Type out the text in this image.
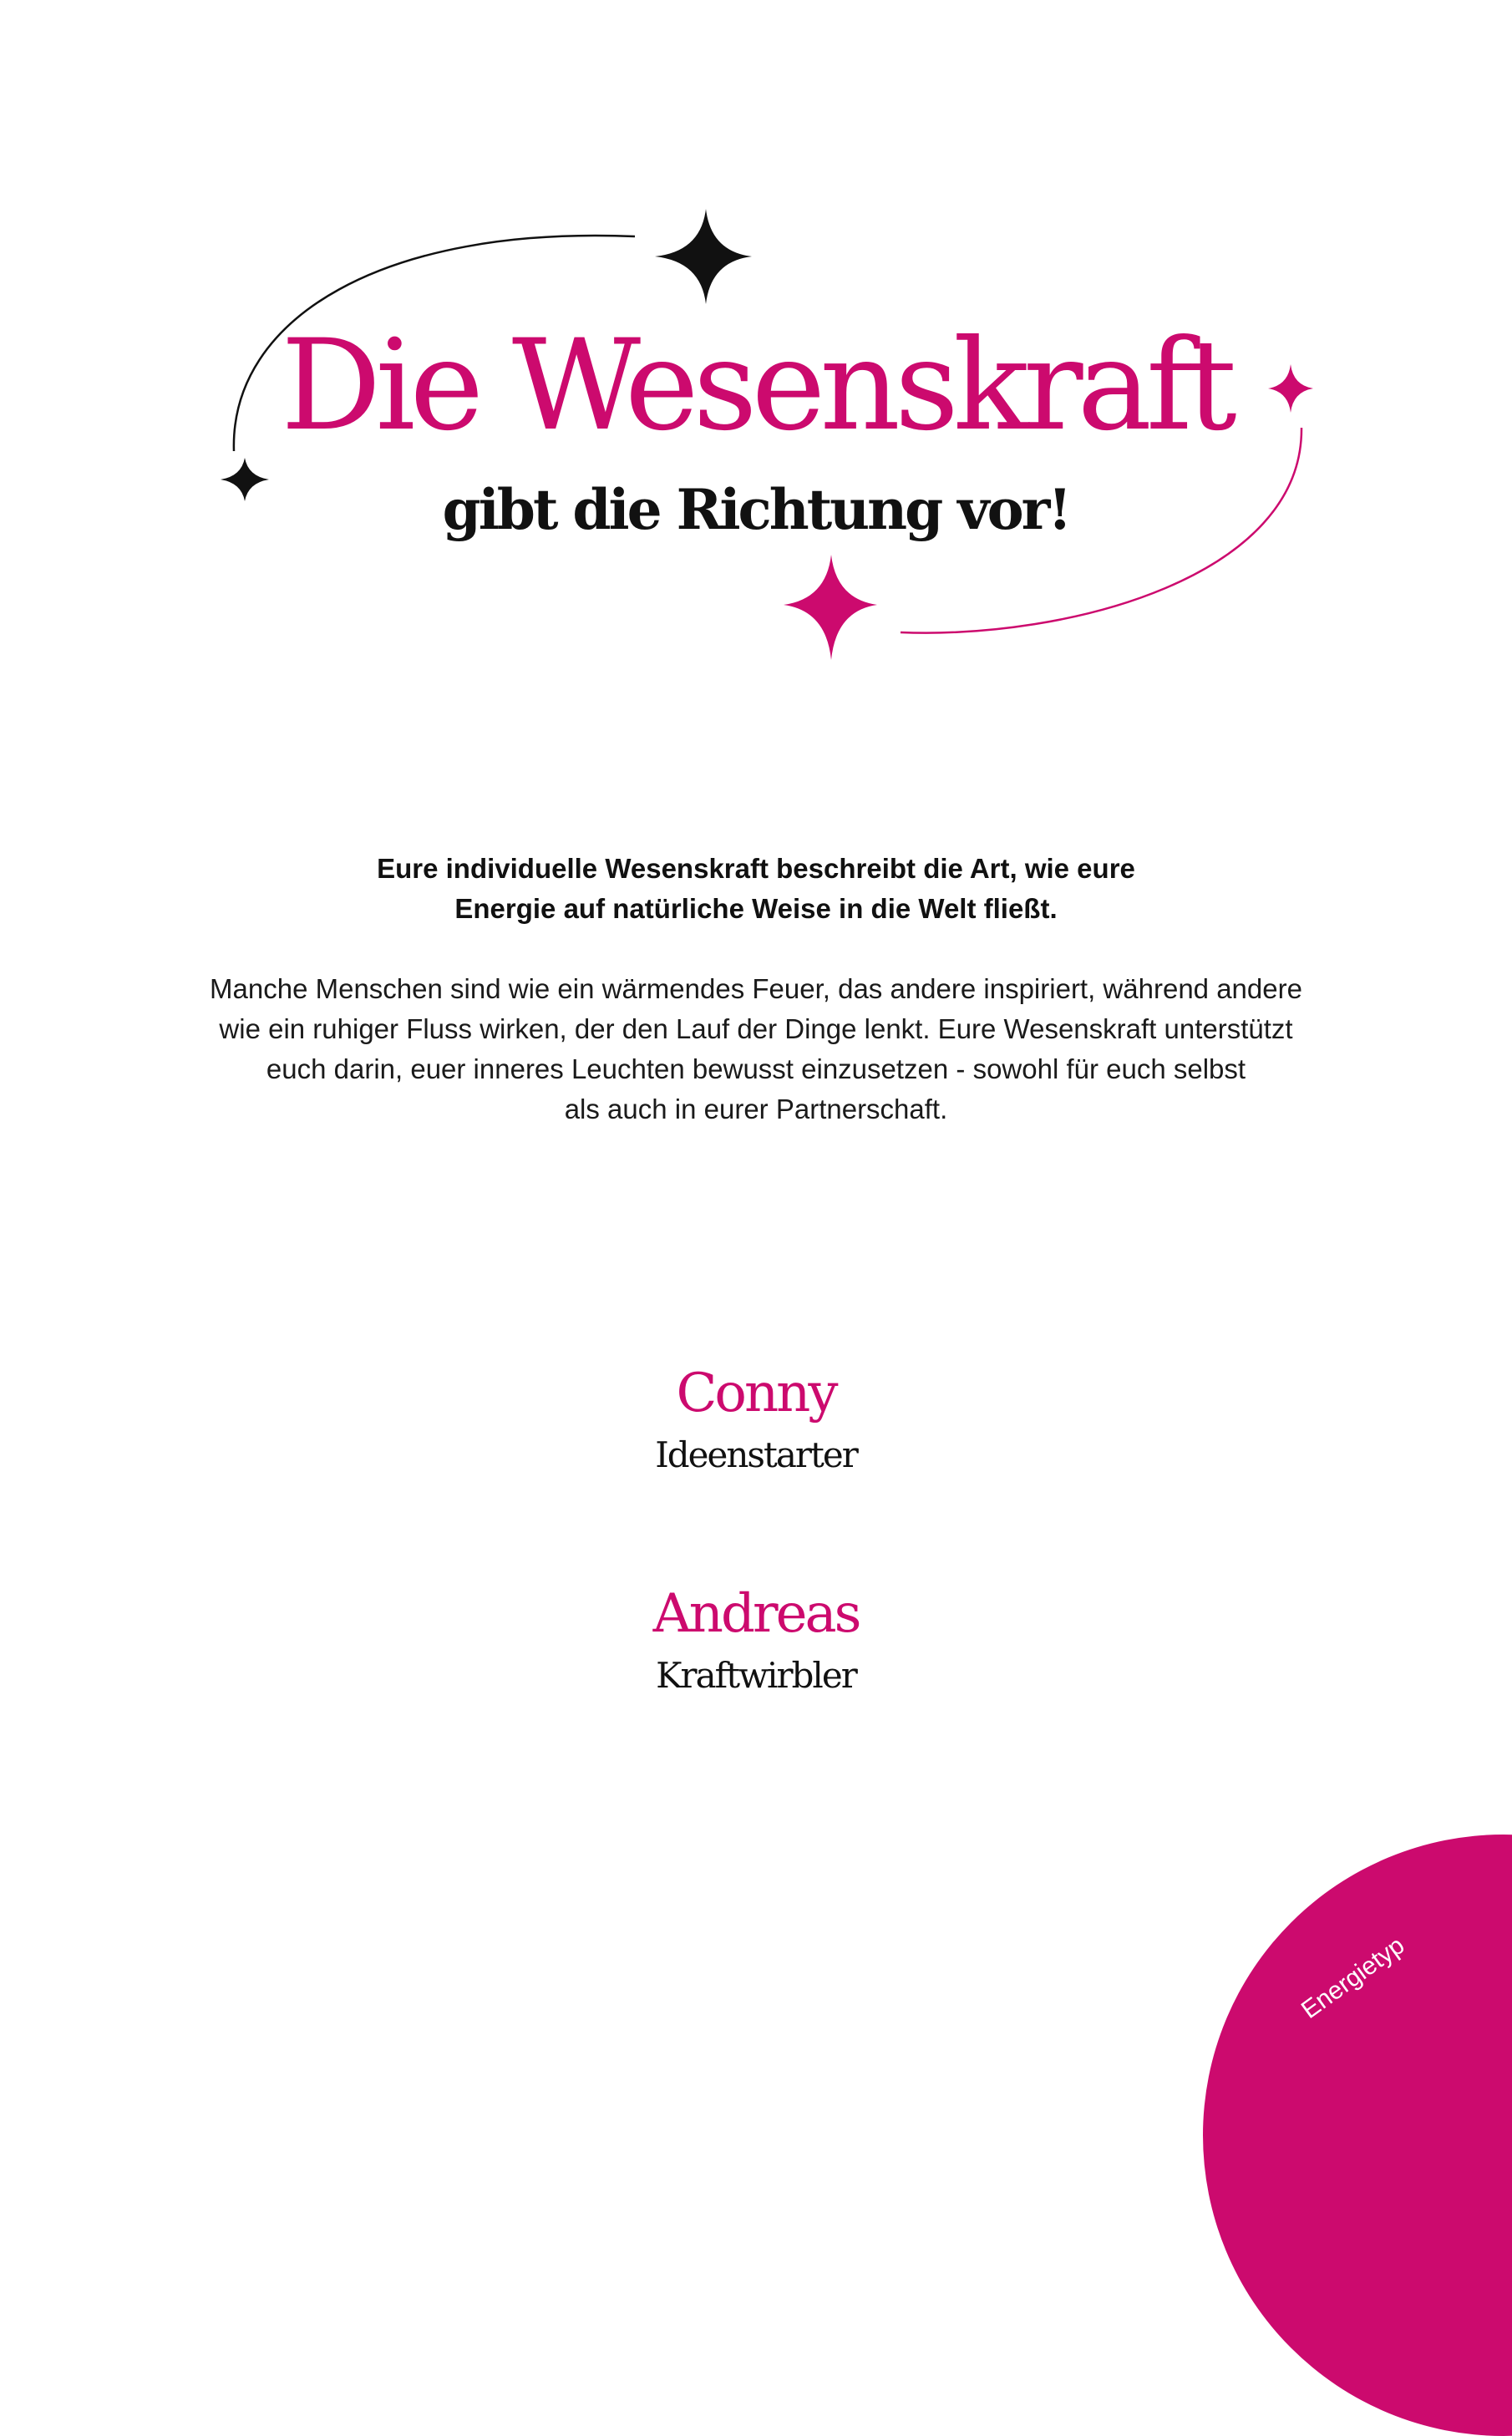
Die Wesenskraft
gibt die Richtung vor!

Eure individuelle Wesenskraft beschreibt die Art, wie eure
Energie auf natürliche Weise in die Welt fließt.

Manche Menschen sind wie ein wärmendes Feuer, das andere inspiriert, während andere
wie ein ruhiger Fluss wirken, der den Lauf der Dinge lenkt. Eure Wesenskraft unterstützt
euch darin, euer inneres Leuchten bewusst einzusetzen - sowohl für euch selbst
als auch in eurer Partnerschaft.

Conny
Ideenstarter
Andreas
Kraftwirbler
Energietyp
